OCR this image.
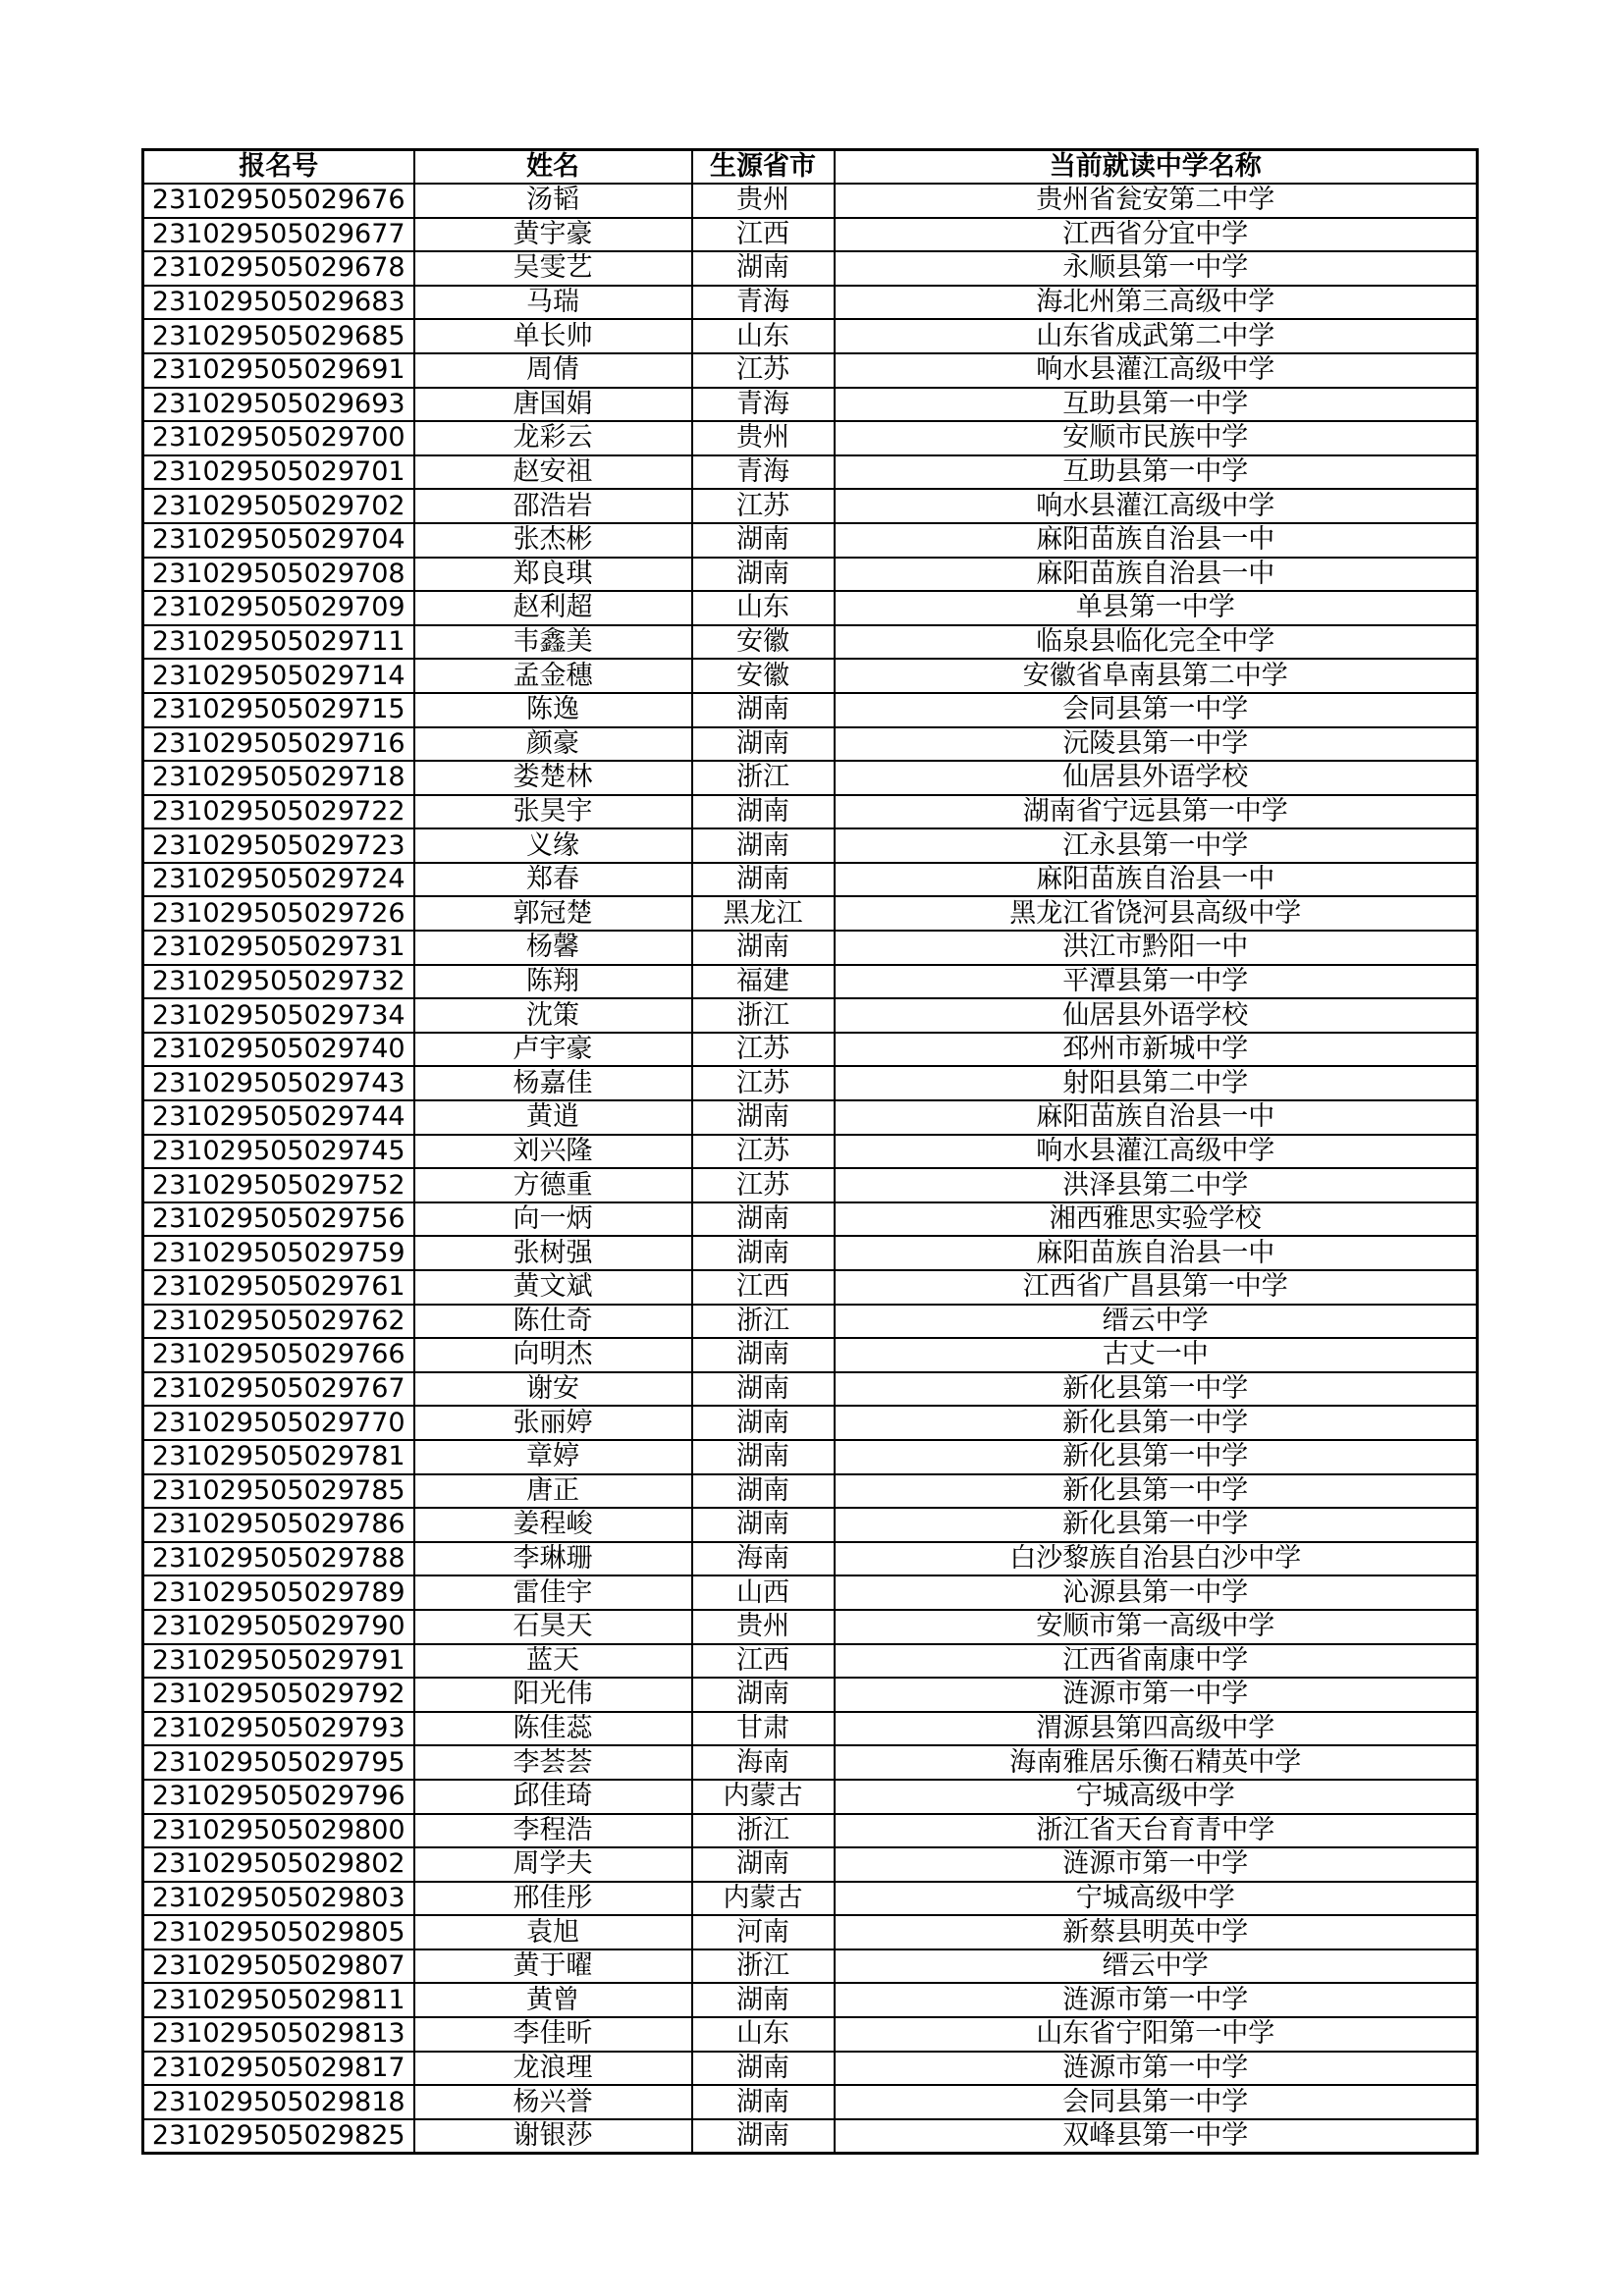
报名号	姓名	生源省市	当前就读中学名称
231029505029676	汤韬	贵州	贵州省瓮安第二中学
231029505029677	黄宇豪	江西	江西省分宜中学
231029505029678	吴雯艺	湖南	永顺县第一中学
231029505029683	马瑞	青海	海北州第三高级中学
231029505029685	单长帅	山东	山东省成武第二中学
231029505029691	周倩	江苏	响水县灌江高级中学
231029505029693	唐国娟	青海	互助县第一中学
231029505029700	龙彩云	贵州	安顺市民族中学
231029505029701	赵安祖	青海	互助县第一中学
231029505029702	邵浩岩	江苏	响水县灌江高级中学
231029505029704	张杰彬	湖南	麻阳苗族自治县一中
231029505029708	郑良琪	湖南	麻阳苗族自治县一中
231029505029709	赵利超	山东	单县第一中学
231029505029711	韦鑫美	安徽	临泉县临化完全中学
231029505029714	孟金穗	安徽	安徽省阜南县第二中学
231029505029715	陈逸	湖南	会同县第一中学
231029505029716	颜豪	湖南	沅陵县第一中学
231029505029718	娄楚林	浙江	仙居县外语学校
231029505029722	张昊宇	湖南	湖南省宁远县第一中学
231029505029723	义缘	湖南	江永县第一中学
231029505029724	郑春	湖南	麻阳苗族自治县一中
231029505029726	郭冠楚	黑龙江	黑龙江省饶河县高级中学
231029505029731	杨馨	湖南	洪江市黔阳一中
231029505029732	陈翔	福建	平潭县第一中学
231029505029734	沈策	浙江	仙居县外语学校
231029505029740	卢宇豪	江苏	邳州市新城中学
231029505029743	杨嘉佳	江苏	射阳县第二中学
231029505029744	黄逍	湖南	麻阳苗族自治县一中
231029505029745	刘兴隆	江苏	响水县灌江高级中学
231029505029752	方德重	江苏	洪泽县第二中学
231029505029756	向一炳	湖南	湘西雅思实验学校
231029505029759	张树强	湖南	麻阳苗族自治县一中
231029505029761	黄文斌	江西	江西省广昌县第一中学
231029505029762	陈仕奇	浙江	缙云中学
231029505029766	向明杰	湖南	古丈一中
231029505029767	谢安	湖南	新化县第一中学
231029505029770	张丽婷	湖南	新化县第一中学
231029505029781	章婷	湖南	新化县第一中学
231029505029785	唐正	湖南	新化县第一中学
231029505029786	姜程峻	湖南	新化县第一中学
231029505029788	李琳珊	海南	白沙黎族自治县白沙中学
231029505029789	雷佳宇	山西	沁源县第一中学
231029505029790	石昊天	贵州	安顺市第一高级中学
231029505029791	蓝天	江西	江西省南康中学
231029505029792	阳光伟	湖南	涟源市第一中学
231029505029793	陈佳蕊	甘肃	渭源县第四高级中学
231029505029795	李荟荟	海南	海南雅居乐衡石精英中学
231029505029796	邱佳琦	内蒙古	宁城高级中学
231029505029800	李程浩	浙江	浙江省天台育青中学
231029505029802	周学夫	湖南	涟源市第一中学
231029505029803	邢佳彤	内蒙古	宁城高级中学
231029505029805	袁旭	河南	新蔡县明英中学
231029505029807	黄于曜	浙江	缙云中学
231029505029811	黄曾	湖南	涟源市第一中学
231029505029813	李佳昕	山东	山东省宁阳第一中学
231029505029817	龙浪理	湖南	涟源市第一中学
231029505029818	杨兴誉	湖南	会同县第一中学
231029505029825	谢银莎	湖南	双峰县第一中学
